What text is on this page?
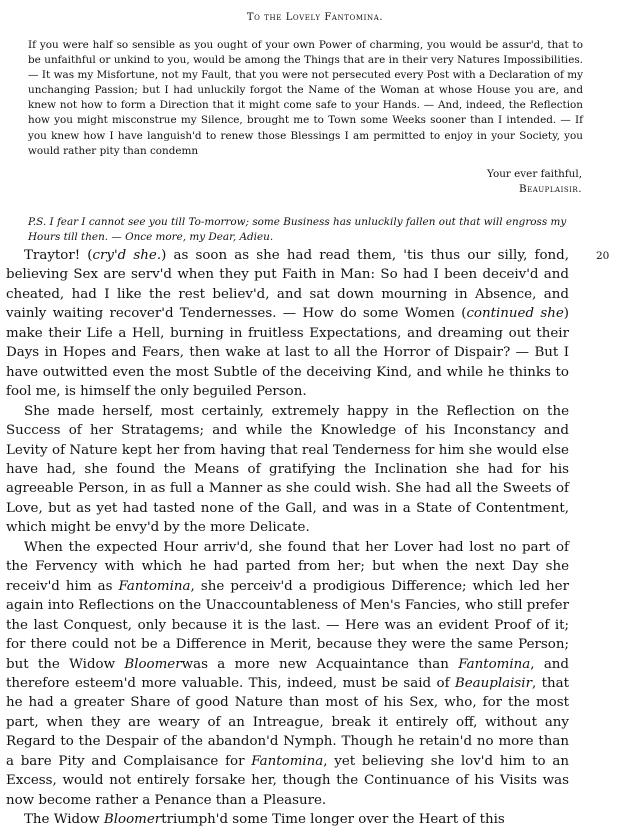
To the Lovely Fantomina.

If you were half so sensible as you ought of your own Power of charming, you would be assur'd, that to be unfaithful or unkind to you, would be among the Things that are in their very Natures Impossibilities. — It was my Misfortune, not my Fault, that you were not persecuted every Post with a Declaration of my unchanging Passion; but I had unluckily forgot the Name of the Woman at whose House you are, and knew not how to form a Direction that it might come safe to your Hands. — And, indeed, the Reflection how you might misconstrue my Silence, brought me to Town some Weeks sooner than I intended. — If you knew how I have languish'd to renew those Blessings I am permitted to enjoy in your Society, you would rather pity than condemn

Your ever faithful,
Beauplaisir.

P.S. I fear I cannot see you till To-morrow; some Business has unluckily fallen out that will engross my Hours till then. — Once more, my Dear, Adieu.

20

Traytor! (cry'd she.) as soon as she had read them, 'tis thus our silly, fond, believing Sex are serv'd when they put Faith in Man: So had I been deceiv'd and cheated, had I like the rest believ'd, and sat down mourning in Absence, and vainly waiting recover'd Tendernesses. — How do some Women (continued she) make their Life a Hell, burning in fruitless Expectations, and dreaming out their Days in Hopes and Fears, then wake at last to all the Horror of Dispair? — But I have outwitted even the most Subtle of the deceiving Kind, and while he thinks to fool me, is himself the only beguiled Person.

She made herself, most certainly, extremely happy in the Reflection on the Success of her Stratagems; and while the Knowledge of his Inconstancy and Levity of Nature kept her from having that real Tenderness for him she would else have had, she found the Means of gratifying the Inclination she had for his agreeable Person, in as full a Manner as she could wish. She had all the Sweets of Love, but as yet had tasted none of the Gall, and was in a State of Contentment, which might be envy'd by the more Delicate.

When the expected Hour arriv'd, she found that her Lover had lost no part of the Fervency with which he had parted from her; but when the next Day she receiv'd him as Fantomina, she perceiv'd a prodigious Difference; which led her again into Reflections on the Unaccountableness of Men's Fancies, who still prefer the last Conquest, only because it is the last. — Here was an evident Proof of it; for there could not be a Difference in Merit, because they were the same Person; but the Widow Bloomerwas a more new Acquaintance than Fantomina, and therefore esteem'd more valuable. This, indeed, must be said of Beauplaisir, that he had a greater Share of good Nature than most of his Sex, who, for the most part, when they are weary of an Intreague, break it entirely off, without any Regard to the Despair of the abandon'd Nymph. Though he retain'd no more than a bare Pity and Complaisance for Fantomina, yet believing she lov'd him to an Excess, would not entirely forsake her, though the Continuance of his Visits was now become rather a Penance than a Pleasure.

The Widow Bloomertriumph'd some Time longer over the Heart of this
